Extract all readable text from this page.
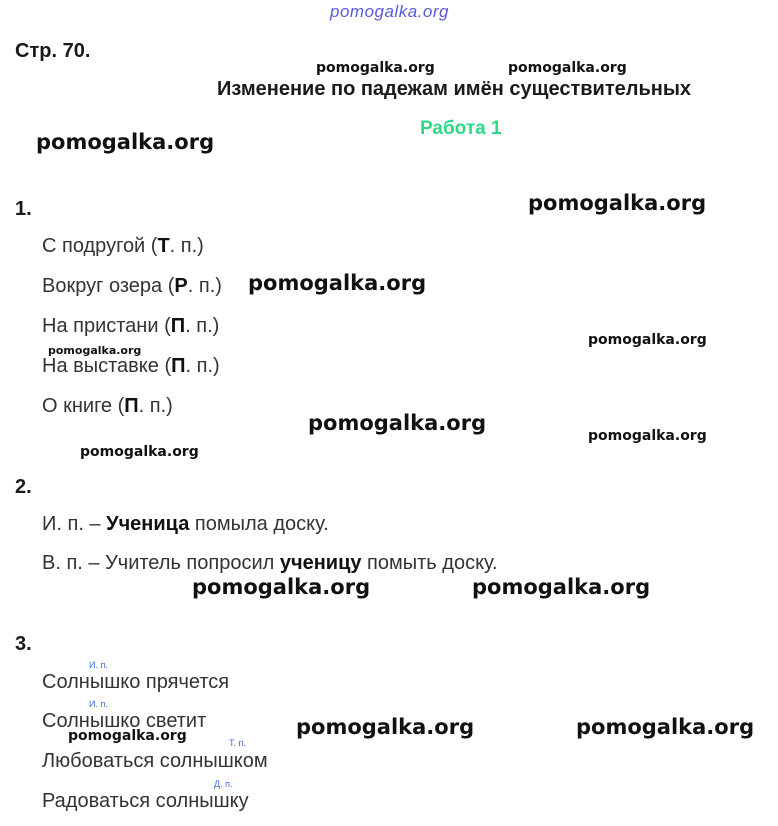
pomogalka.org
pomogalka.org	pomogalka.org
pomogalka.org
pomogalka.org
pomogalka.org
pomogalka.org
pomogalka.org
pomogalka.org
pomogalka.org
pomogalka.org
pomogalka.org	pomogalka.org
pomogalka.org	pomogalka.org
pomogalka.org
Стр. 70.
Изменение по падежам имён существительных
Работа 1
1.
С подругой (Т. п.)
Вокруг озера (Р. п.)
На пристани (П. п.)
На выставке (П. п.)
О книге (П. п.)
2.
И. п. – Ученица помыла доску.
В. п. – Учитель попросил ученицу помыть доску.
3.
И. п.
Солнышко прячется
И. п.
Солнышко светит
Т. п.
Любоваться солнышком
Д. п.
Радоваться солнышку
